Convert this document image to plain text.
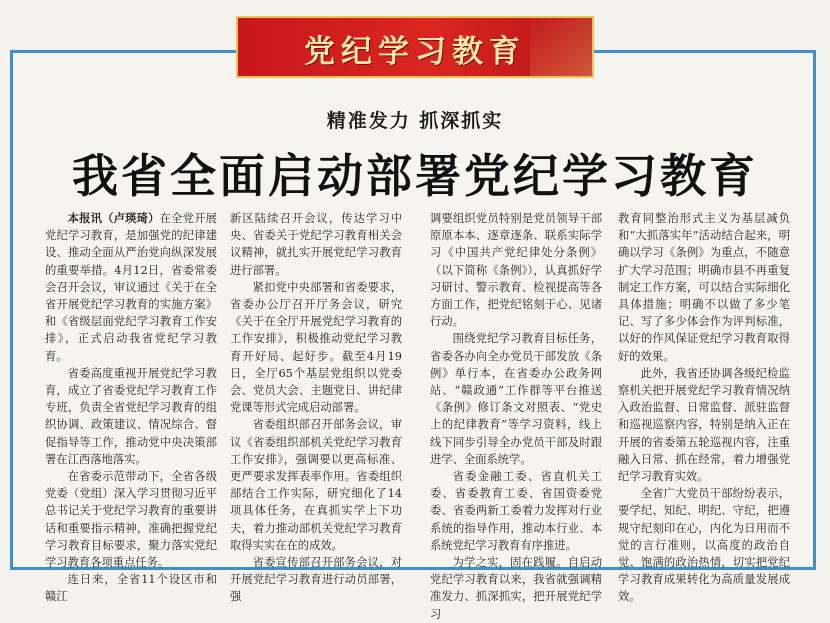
党纪学习教育
精准发力 抓深抓实
我省全面启动部署党纪学习教育

本报讯（卢瑛琦）在全党开展党纪学习教育，是加强党的纪律建设、推动全面从严治党向纵深发展的重要举措。4月12日，省委常委会召开会议，审议通过《关于在全省开展党纪学习教育的实施方案》和《省级层面党纪学习教育工作安排》，正式启动我省党纪学习教育。

省委高度重视开展党纪学习教育，成立了省委党纪学习教育工作专班，负责全省党纪学习教育的组织协调、政策建议、情况综合、督促指导等工作，推动党中央决策部署在江西落地落实。

在省委示范带动下，全省各级党委（党组）深入学习贯彻习近平总书记关于党纪学习教育的重要讲话和重要指示精神，准确把握党纪学习教育目标要求，聚力落实党纪学习教育各项重点任务。

连日来，全省11个设区市和赣江

新区陆续召开会议，传达学习中央、省委关于党纪学习教育相关会议精神，就扎实开展党纪学习教育进行部署。

紧扣党中央部署和省委要求，省委办公厅召开厅务会议，研究《关于在全厅开展党纪学习教育的工作安排》，积极推动党纪学习教育开好局、起好步。截至4月19日，全厅65个基层党组织以党委会、党员大会、主题党日、讲纪律党课等形式完成启动部署。

省委组织部召开部务会议，审议《省委组织部机关党纪学习教育工作安排》，强调要以更高标准、更严要求发挥表率作用。省委组织部结合工作实际，研究细化了14项具体任务，在真抓实学上下功夫，着力推动部机关党纪学习教育取得实实在在的成效。

省委宣传部召开部务会议，对开展党纪学习教育进行动员部署，强

调要组织党员特别是党员领导干部原原本本、逐章逐条、联系实际学习《中国共产党纪律处分条例》（以下简称《条例》），认真抓好学习研讨、警示教育、检视提高等各方面工作，把党纪铭刻于心、见诸行动。

围绕党纪学习教育目标任务，省委各办向全办党员干部发放《条例》单行本，在省委办公政务网站、“赣政通”工作群等平台推送《条例》修订条文对照表、“党史上的纪律教育”等学习资料，线上线下同步引导全办党员干部及时跟进学、全面系统学。

省委金融工委、省直机关工委、省委教育工委、省国资委党委、省委两新工委着力发挥对行业系统的指导作用，推动本行业、本系统党纪学习教育有序推进。

为学之实，固在践履。自启动党纪学习教育以来，我省就强调精准发力、抓深抓实，把开展党纪学习

教育同整治形式主义为基层减负和“大抓落实年”活动结合起来，明确以学习《条例》为重点，不随意扩大学习范围；明确市县不再重复制定工作方案，可以结合实际细化具体措施；明确不以做了多少笔记、写了多少体会作为评判标准，以好的作风保证党纪学习教育取得好的效果。

此外，我省还协调各级纪检监察机关把开展党纪学习教育情况纳入政治监督、日常监督、派驻监督和巡视巡察内容，特别是纳入正在开展的省委第五轮巡视内容，注重融入日常、抓在经常，着力增强党纪学习教育实效。

全省广大党员干部纷纷表示，要学纪、知纪、明纪、守纪，把遵规守纪刻印在心，内化为日用而不觉的言行准则，以高度的政治自觉、饱满的政治热情，切实把党纪学习教育成果转化为高质量发展成效。
